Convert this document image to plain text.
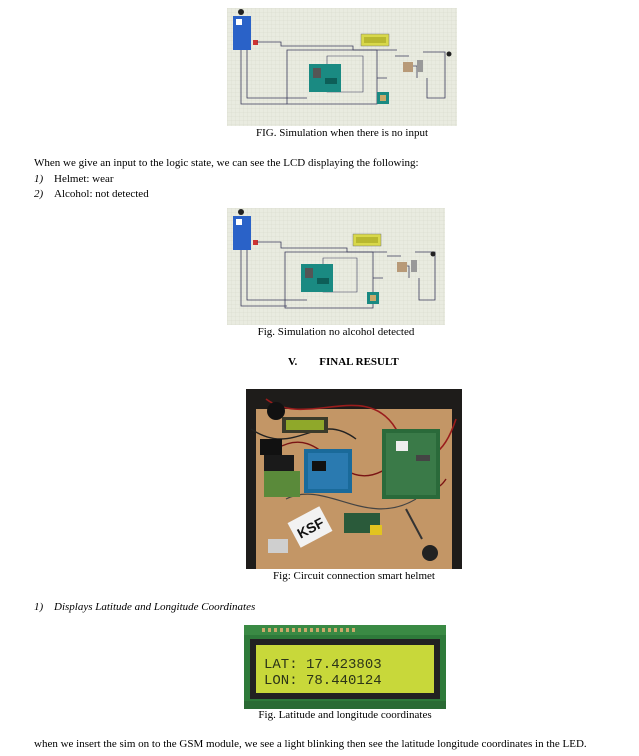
FIG. Simulation when there is no input
When we give an input to the logic state, we can see the LCD displaying the following:
1) Helmet: wear
2) Alcohol: not detected
Fig. Simulation no alcohol detected
V. FINAL RESULT
KSF
Fig: Circuit connection smart helmet
1) Displays Latitude and Longitude Coordinates
LAT: 17.423803
LON: 78.440124
Fig. Latitude and longitude coordinates
when we insert the sim on to the GSM module, we see a light blinking then see the latitude longitude coordinates in the LED.
